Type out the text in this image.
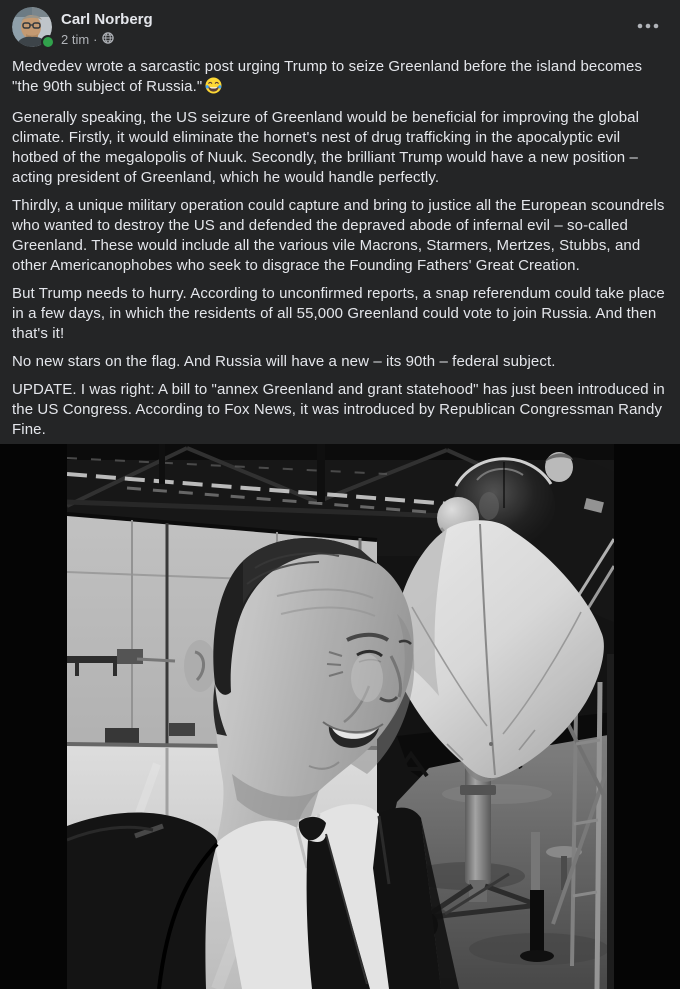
Carl Norberg
2 tim ·

Medvedev wrote a sarcastic post urging Trump to seize Greenland before the island becomes "the 90th subject of Russia."

Generally speaking, the US seizure of Greenland would be beneficial for improving the global climate. Firstly, it would eliminate the hornet's nest of drug trafficking in the apocalyptic evil hotbed of the megalopolis of Nuuk. Secondly, the brilliant Trump would have a new position – acting president of Greenland, which he would handle perfectly.

Thirdly, a unique military operation could capture and bring to justice all the European scoundrels who wanted to destroy the US and defended the depraved abode of infernal evil – so-called Greenland. These would include all the various vile Macrons, Starmers, Mertzes, Stubbs, and other Americanophobes who seek to disgrace the Founding Fathers' Great Creation.

But Trump needs to hurry. According to unconfirmed reports, a snap referendum could take place in a few days, in which the residents of all 55,000 Greenland could vote to join Russia. And then that's it!

No new stars on the flag. And Russia will have a new – its 90th – federal subject.

UPDATE. I was right: A bill to "annex Greenland and grant statehood" has just been introduced in the US Congress. According to Fox News, it was introduced by Republican Congressman Randy Fine.
